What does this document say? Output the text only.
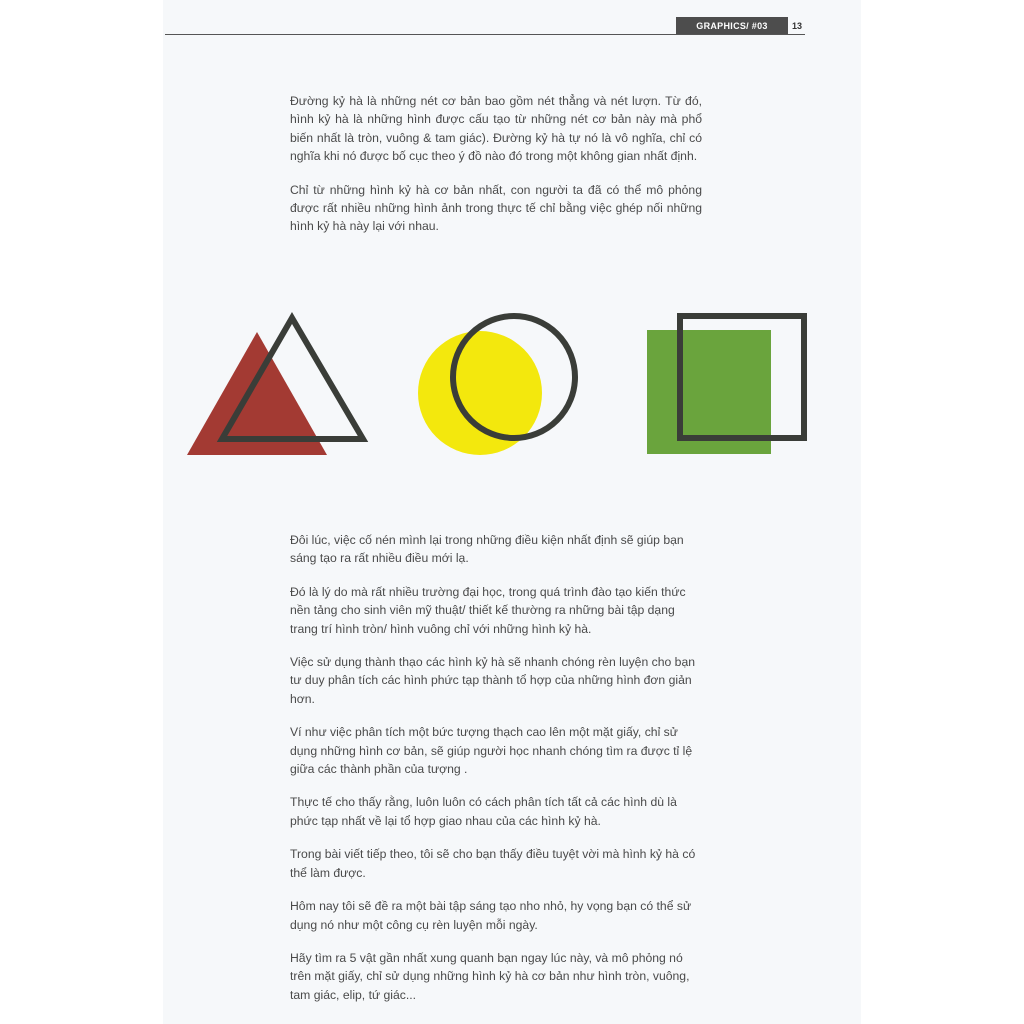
GRAPHICS/ #03	13

Đường kỷ hà là những nét cơ bản bao gồm nét thẳng và nét lượn. Từ đó, hình kỷ hà là những hình được cấu tạo từ những nét cơ bản này mà phổ biến nhất là tròn, vuông & tam giác). Đường kỷ hà tự nó là vô nghĩa, chỉ có nghĩa khi nó được bố cục theo ý đồ nào đó trong một không gian nhất định.

Chỉ từ những hình kỷ hà cơ bản nhất, con người ta đã có thể mô phỏng được rất nhiều những hình ảnh trong thực tế chỉ bằng việc ghép nối những hình kỷ hà này lại với nhau.

Đôi lúc, việc cố nén mình lại trong những điều kiện nhất định sẽ giúp bạn sáng tạo ra rất nhiều điều mới lạ.

Đó là lý do mà rất nhiều trường đại học, trong quá trình đào tạo kiến thức nền tảng cho sinh viên mỹ thuật/ thiết kế thường ra những bài tập dạng trang trí hình tròn/ hình vuông chỉ với những hình kỷ hà.

Việc sử dụng thành thạo các hình kỷ hà sẽ nhanh chóng rèn luyện cho bạn tư duy phân tích các hình phức tạp thành tổ hợp của những hình đơn giản hơn.

Ví như việc phân tích một bức tượng thạch cao lên một mặt giấy, chỉ sử dụng những hình cơ bản, sẽ giúp người học nhanh chóng tìm ra được tỉ lệ giữa các thành phần của tượng .

Thực tế cho thấy rằng, luôn luôn có cách phân tích tất cả các hình dù là phức tạp nhất về lại tổ hợp giao nhau của các hình kỷ hà.

Trong bài viết tiếp theo, tôi sẽ cho bạn thấy điều tuyệt vời mà hình kỷ hà có thể làm được.

Hôm nay tôi sẽ đề ra một bài tập sáng tạo nho nhỏ, hy vọng bạn có thể sử dụng nó như một công cụ rèn luyện mỗi ngày.

Hãy tìm ra 5 vật gần nhất xung quanh bạn ngay lúc này, và mô phỏng nó trên mặt giấy, chỉ sử dụng những hình kỷ hà cơ bản như hình tròn, vuông, tam giác, elip, tứ giác...
